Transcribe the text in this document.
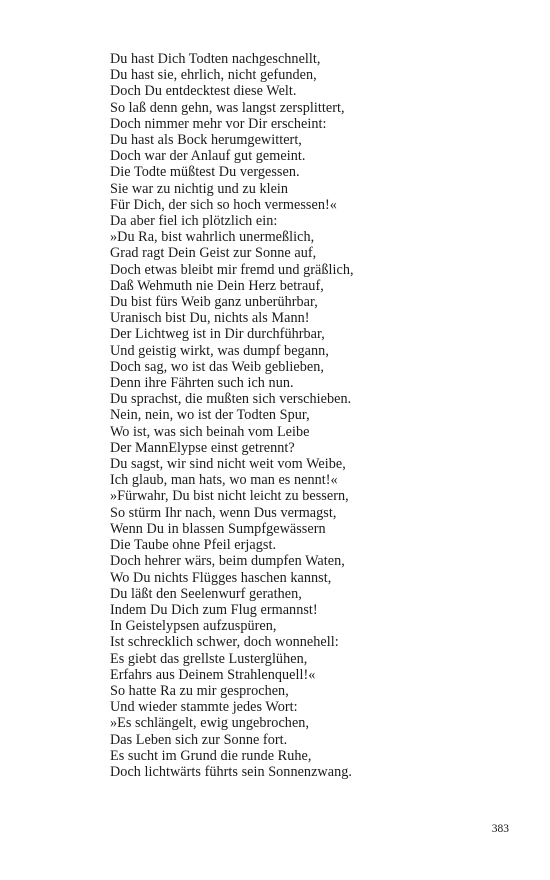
Du hast Dich Todten nachgeschnellt,
Du hast sie, ehrlich, nicht gefunden,
Doch Du entdecktest diese Welt.
So laß denn gehn, was langst zersplittert,
Doch nimmer mehr vor Dir erscheint:
Du hast als Bock herumgewittert,
Doch war der Anlauf gut gemeint.
Die Todte müßtest Du vergessen.
Sie war zu nichtig und zu klein
Für Dich, der sich so hoch vermessen!«
Da aber fiel ich plötzlich ein:
»Du Ra, bist wahrlich unermeßlich,
Grad ragt Dein Geist zur Sonne auf,
Doch etwas bleibt mir fremd und gräßlich,
Daß Wehmuth nie Dein Herz betrauf,
Du bist fürs Weib ganz unberührbar,
Uranisch bist Du, nichts als Mann!
Der Lichtweg ist in Dir durchführbar,
Und geistig wirkt, was dumpf begann,
Doch sag, wo ist das Weib geblieben,
Denn ihre Fährten such ich nun.
Du sprachst, die mußten sich verschieben.
Nein, nein, wo ist der Todten Spur,
Wo ist, was sich beinah vom Leibe
Der MannElypse einst getrennt?
Du sagst, wir sind nicht weit vom Weibe,
Ich glaub, man hats, wo man es nennt!«
»Fürwahr, Du bist nicht leicht zu bessern,
So stürm Ihr nach, wenn Dus vermagst,
Wenn Du in blassen Sumpfgewässern
Die Taube ohne Pfeil erjagst.
Doch hehrer wärs, beim dumpfen Waten,
Wo Du nichts Flügges haschen kannst,
Du läßt den Seelenwurf gerathen,
Indem Du Dich zum Flug ermannst!
In Geistelypsen aufzuspüren,
Ist schrecklich schwer, doch wonnehell:
Es giebt das grellste Lusterglühen,
Erfahrs aus Deinem Strahlenquell!«
So hatte Ra zu mir gesprochen,
Und wieder stammte jedes Wort:
»Es schlängelt, ewig ungebrochen,
Das Leben sich zur Sonne fort.
Es sucht im Grund die runde Ruhe,
Doch lichtwärts führts sein Sonnenzwang.
383
